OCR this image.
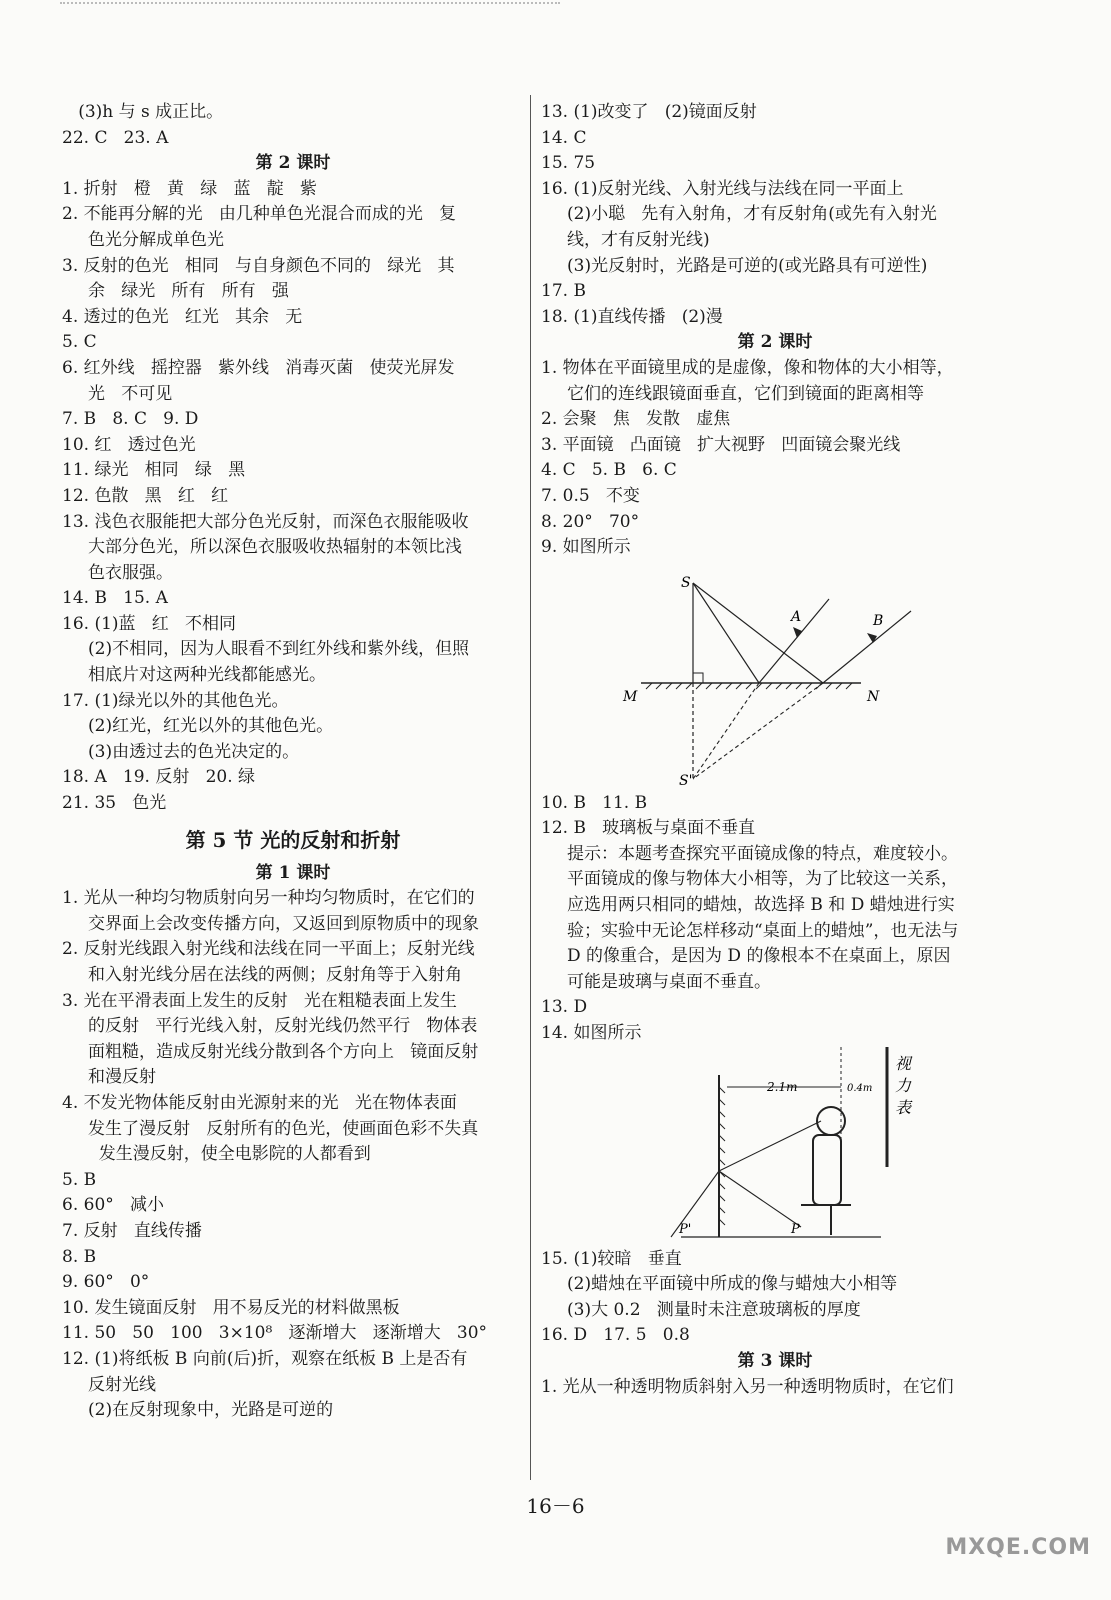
(3)h 与 s 成正比。
22. C   23. A
第 2 课时
1. 折射   橙   黄   绿   蓝   靛   紫
2. 不能再分解的光   由几种单色光混合而成的光   复
色光分解成单色光
3. 反射的色光   相同   与自身颜色不同的   绿光   其
余   绿光   所有   所有   强
4. 透过的色光   红光   其余   无
5. C
6. 红外线   摇控器   紫外线   消毒灭菌   使荧光屏发
光   不可见
7. B   8. C   9. D
10. 红   透过色光
11. 绿光   相同   绿   黑
12. 色散   黑   红   红
13. 浅色衣服能把大部分色光反射，而深色衣服能吸收
大部分色光，所以深色衣服吸收热辐射的本领比浅
色衣服强。
14. B   15. A
16. (1)蓝   红   不相同
(2)不相同，因为人眼看不到红外线和紫外线，但照
相底片对这两种光线都能感光。
17. (1)绿光以外的其他色光。
(2)红光，红光以外的其他色光。
(3)由透过去的色光决定的。
18. A   19. 反射   20. 绿
21. 35   色光
第 5 节 光的反射和折射
第 1 课时
1. 光从一种均匀物质射向另一种均匀物质时，在它们的
交界面上会改变传播方向，又返回到原物质中的现象
2. 反射光线跟入射光线和法线在同一平面上；反射光线
和入射光线分居在法线的两侧；反射角等于入射角
3. 光在平滑表面上发生的反射   光在粗糙表面上发生
的反射   平行光线入射，反射光线仍然平行   物体表
面粗糙，造成反射光线分散到各个方向上   镜面反射
和漫反射
4. 不发光物体能反射由光源射来的光   光在物体表面
发生了漫反射   反射所有的色光，使画面色彩不失真
发生漫反射，使全电影院的人都看到
5. B
6. 60°   减小
7. 反射   直线传播
8. B
9. 60°   0°
10. 发生镜面反射   用不易反光的材料做黑板
11. 50   50   100   3×10⁸   逐渐增大   逐渐增大   30°
12. (1)将纸板 B 向前(后)折，观察在纸板 B 上是否有
反射光线
(2)在反射现象中，光路是可逆的
13. (1)改变了   (2)镜面反射
14. C
15. 75
16. (1)反射光线、入射光线与法线在同一平面上
(2)小聪   先有入射角，才有反射角(或先有入射光
线，才有反射光线)
(3)光反射时，光路是可逆的(或光路具有可逆性)
17. B
18. (1)直线传播   (2)漫
第 2 课时
1. 物体在平面镜里成的是虚像，像和物体的大小相等，
它们的连线跟镜面垂直，它们到镜面的距离相等
2. 会聚   焦   发散   虚焦
3. 平面镜   凸面镜   扩大视野   凹面镜会聚光线
4. C   5. B   6. C
7. 0.5   不变
8. 20°   70°
9. 如图所示
S
S'
A	B
M	N
10. B   11. B
12. B   玻璃板与桌面不垂直
提示：本题考查探究平面镜成像的特点，难度较小。
平面镜成的像与物体大小相等，为了比较这一关系，
应选用两只相同的蜡烛，故选择 B 和 D 蜡烛进行实
验；实验中无论怎样移动“桌面上的蜡烛”，也无法与
D 的像重合，是因为 D 的像根本不在桌面上，原因
可能是玻璃与桌面不垂直。
13. D
14. 如图所示
2.1m	0.4m
视
力
表
P
P'
15. (1)较暗   垂直
(2)蜡烛在平面镜中所成的像与蜡烛大小相等
(3)大 0.2   测量时未注意玻璃板的厚度
16. D   17. 5   0.8
第 3 课时
1. 光从一种透明物质斜射入另一种透明物质时，在它们
16－6
MXQE.COM
